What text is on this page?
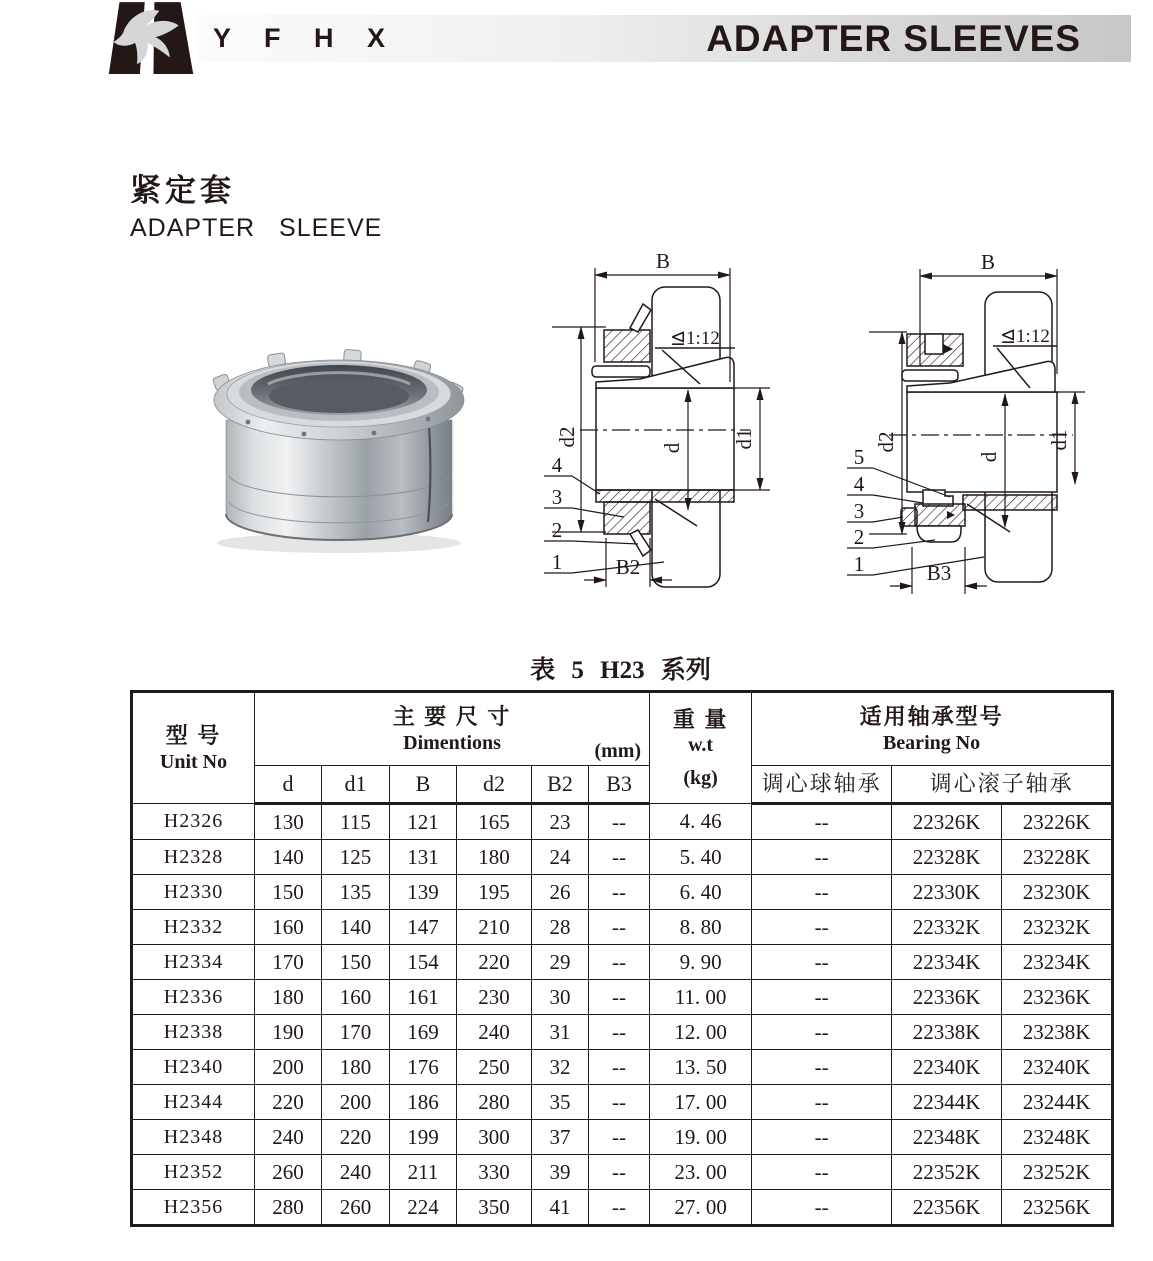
Y F H X	ADAPTER SLEEVES
紧定套
ADAPTER SLEEVE
B
⊴1:12
d2
d d1
4
3
2
1	B2
B
⊴1:12
d2
d
d1
5
4
3
2
1	B3
表 5 H23 系列
型 号
Unit No

主 要 尺 寸
Dimentions	(mm)

重 量
w.t
(kg)

适用轴承型号
Bearing No

	d	d1	B	d2	B2	B3		调心球轴承	调心滚子轴承	
H2326	130	115	121	165	23	--	4. 46	--	22326K	23226K
H2328	140	125	131	180	24	--	5. 40	--	22328K	23228K
H2330	150	135	139	195	26	--	6. 40	--	22330K	23230K
H2332	160	140	147	210	28	--	8. 80	--	22332K	23232K
H2334	170	150	154	220	29	--	9. 90	--	22334K	23234K
H2336	180	160	161	230	30	--	11. 00	--	22336K	23236K
H2338	190	170	169	240	31	--	12. 00	--	22338K	23238K
H2340	200	180	176	250	32	--	13. 50	--	22340K	23240K
H2344	220	200	186	280	35	--	17. 00	--	22344K	23244K
H2348	240	220	199	300	37	--	19. 00	--	22348K	23248K
H2352	260	240	211	330	39	--	23. 00	--	22352K	23252K
H2356	280	260	224	350	41	--	27. 00	--	22356K	23256K
